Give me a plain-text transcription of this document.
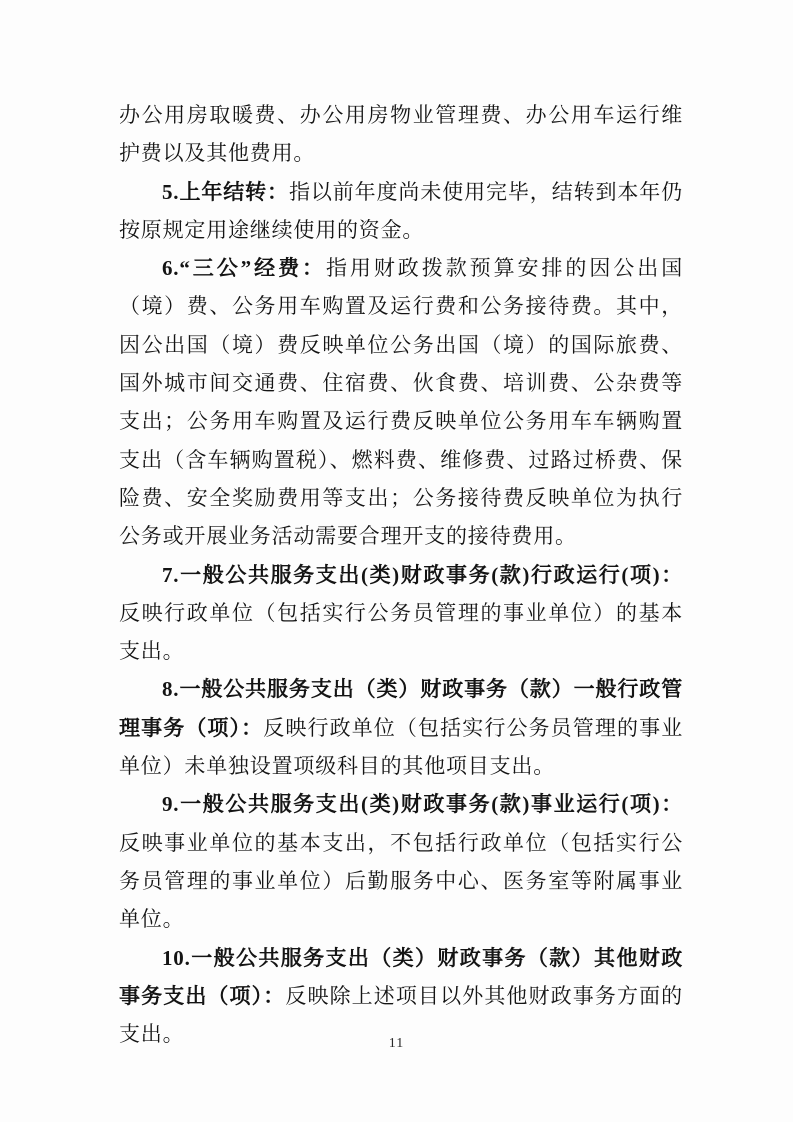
办公用房取暖费、办公用房物业管理费、办公用车运行维护费以及其他费用。

5.上年结转：指以前年度尚未使用完毕，结转到本年仍按原规定用途继续使用的资金。

6.“三公”经费：指用财政拨款预算安排的因公出国（境）费、公务用车购置及运行费和公务接待费。其中，因公出国（境）费反映单位公务出国（境）的国际旅费、国外城市间交通费、住宿费、伙食费、培训费、公杂费等支出；公务用车购置及运行费反映单位公务用车车辆购置支出（含车辆购置税）、燃料费、维修费、过路过桥费、保险费、安全奖励费用等支出；公务接待费反映单位为执行公务或开展业务活动需要合理开支的接待费用。

7.一般公共服务支出(类)财政事务(款)行政运行(项)：反映行政单位（包括实行公务员管理的事业单位）的基本支出。

8.一般公共服务支出（类）财政事务（款）一般行政管理事务（项）：反映行政单位（包括实行公务员管理的事业单位）未单独设置项级科目的其他项目支出。

9.一般公共服务支出(类)财政事务(款)事业运行(项)：反映事业单位的基本支出，不包括行政单位（包括实行公务员管理的事业单位）后勤服务中心、医务室等附属事业单位。

10.一般公共服务支出（类）财政事务（款）其他财政事务支出（项）：反映除上述项目以外其他财政事务方面的支出。	11
